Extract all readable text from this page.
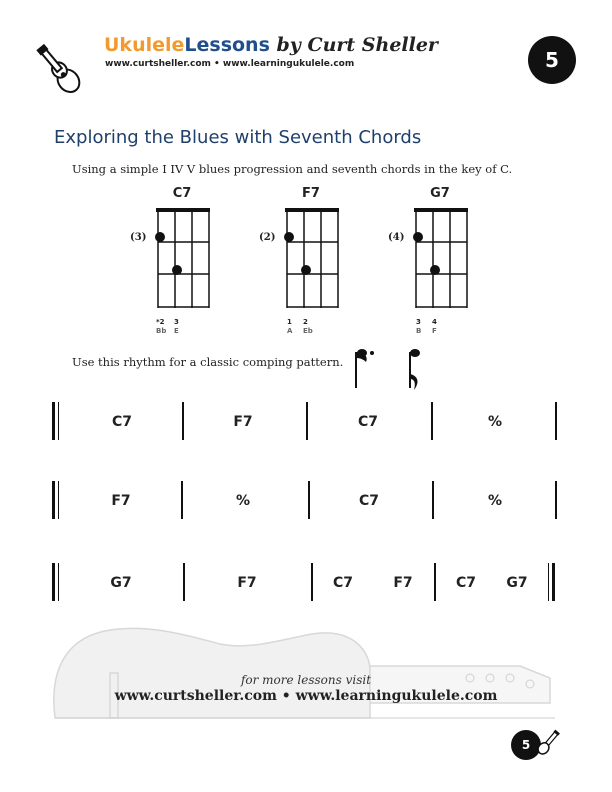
UkuleleLessons by Curt Sheller
www.curtsheller.com • www.learningukulele.com	5
Exploring the Blues with Seventh Chords
Using a simple I IV V blues progression and seventh chords in the key of C.
C7
(3)
*2 3
Bb E
F7
(2)
1 2
A Eb
G7
(4)
3 4
B F
Use this rhythm for a classic comping pattern.
C7	F7	C7	%
F7	%	C7	%
G7	F7	C7	F7	C7	G7
for more lessons visit
www.curtsheller.com • www.learningukulele.com
5
